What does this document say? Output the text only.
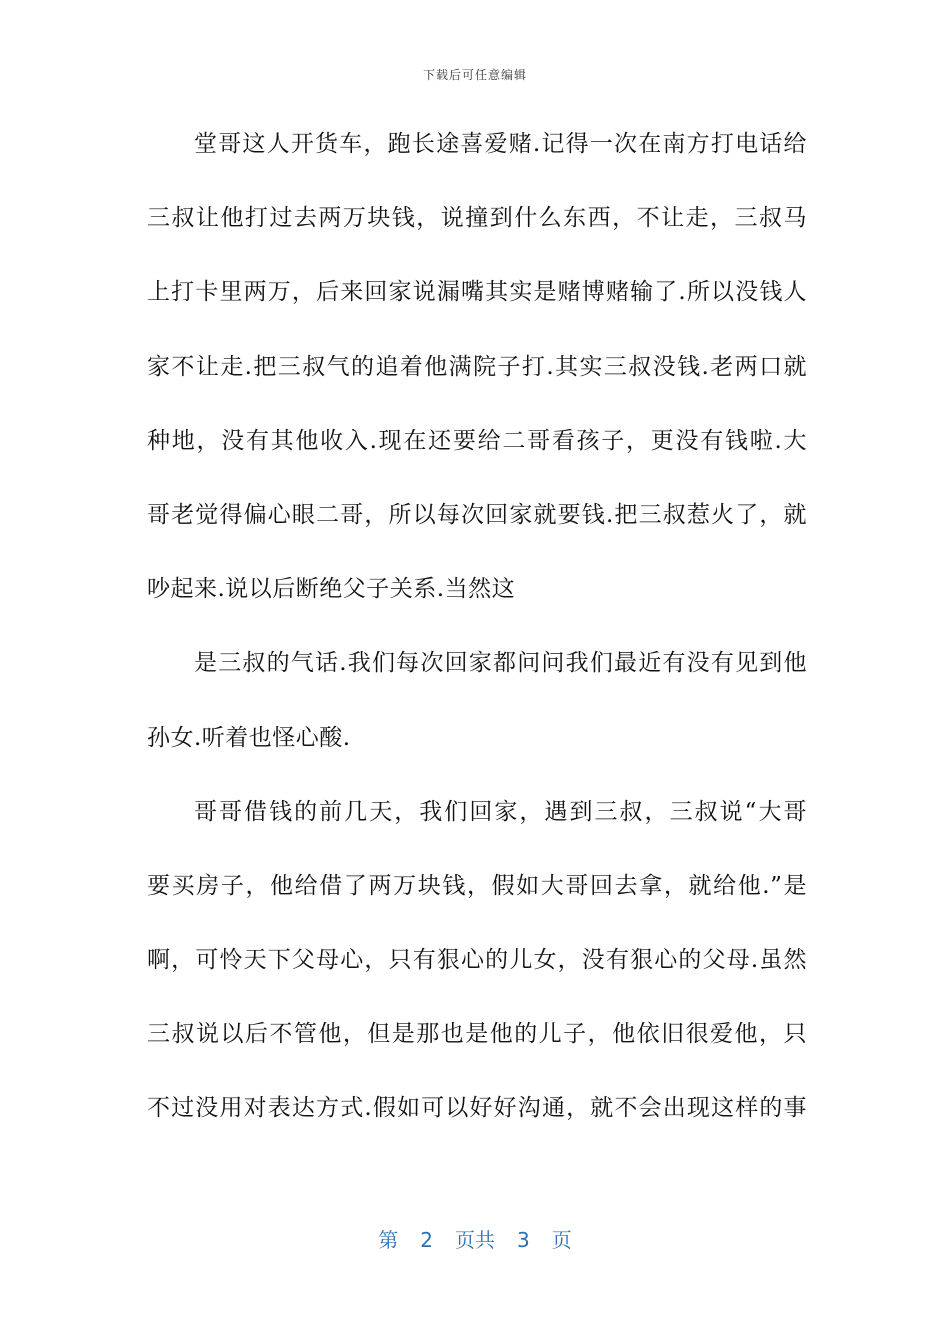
下载后可任意编辑
堂哥这人开货车，跑长途喜爱赌.记得一次在南方打电话给
三叔让他打过去两万块钱，说撞到什么东西，不让走，三叔马
上打卡里两万，后来回家说漏嘴其实是赌博赌输了.所以没钱人
家不让走.把三叔气的追着他满院子打.其实三叔没钱.老两口就
种地，没有其他收入.现在还要给二哥看孩子，更没有钱啦.大
哥老觉得偏心眼二哥，所以每次回家就要钱.把三叔惹火了，就
吵起来.说以后断绝父子关系.当然这
是三叔的气话.我们每次回家都问问我们最近有没有见到他
孙女.听着也怪心酸.
哥哥借钱的前几天，我们回家，遇到三叔，三叔说“大哥
要买房子，他给借了两万块钱，假如大哥回去拿，就给他.”是
啊，可怜天下父母心，只有狠心的儿女，没有狠心的父母.虽然
三叔说以后不管他，但是那也是他的儿子，他依旧很爱他，只
不过没用对表达方式.假如可以好好沟通，就不会出现这样的事
第 2 页共 3 页
